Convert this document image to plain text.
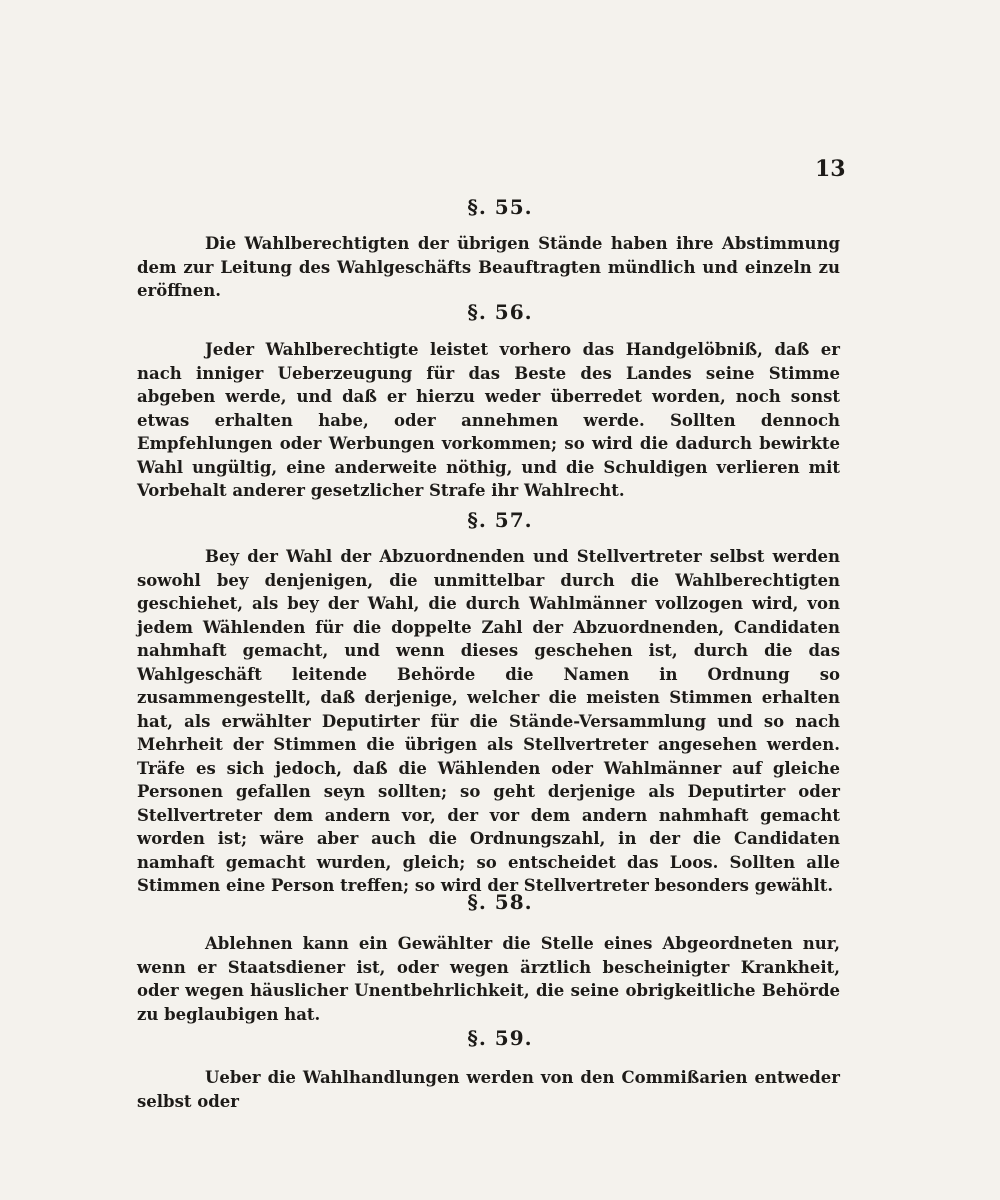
13
§. 55.

Die Wahlberechtigten der übrigen Stände haben ihre Abstimmung dem zur Leitung des Wahlgeschäfts Beauftragten mündlich und einzeln zu eröffnen.

§. 56.

Jeder Wahlberechtigte leistet vorhero das Handgelöbniß, daß er nach inniger Ueberzeugung für das Beste des Landes seine Stimme abgeben werde, und daß er hierzu weder überredet worden, noch sonst etwas erhalten habe, oder annehmen werde. Sollten dennoch Empfehlungen oder Werbungen vorkommen; so wird die dadurch bewirkte Wahl ungültig, eine anderweite nöthig, und die Schuldigen verlieren mit Vorbehalt anderer gesetzlicher Strafe ihr Wahlrecht.

§. 57.

Bey der Wahl der Abzuordnenden und Stellvertreter selbst werden sowohl bey denjenigen, die unmittelbar durch die Wahlberechtigten geschiehet, als bey der Wahl, die durch Wahlmänner vollzogen wird, von jedem Wählenden für die doppelte Zahl der Abzuordnenden, Candidaten nahmhaft gemacht, und wenn dieses geschehen ist, durch die das Wahlgeschäft leitende Behörde die Namen in Ordnung so zusammengestellt, daß derjenige, welcher die meisten Stimmen erhalten hat, als erwählter Deputirter für die Stände-Versammlung und so nach Mehrheit der Stimmen die übrigen als Stellvertreter angesehen werden. Träfe es sich jedoch, daß die Wählenden oder Wahlmänner auf gleiche Personen gefallen seyn sollten; so geht derjenige als Deputirter oder Stellvertreter dem andern vor, der vor dem andern nahmhaft gemacht worden ist; wäre aber auch die Ordnungszahl, in der die Candidaten namhaft gemacht wurden, gleich; so entscheidet das Loos. Sollten alle Stimmen eine Person treffen; so wird der Stellvertreter besonders gewählt.

§. 58.

Ablehnen kann ein Gewählter die Stelle eines Abgeordneten nur, wenn er Staatsdiener ist, oder wegen ärztlich bescheinigter Krankheit, oder wegen häuslicher Unentbehrlichkeit, die seine obrigkeitliche Behörde zu beglaubigen hat.

§. 59.

Ueber die Wahlhandlungen werden von den Commißarien entweder selbst oder
